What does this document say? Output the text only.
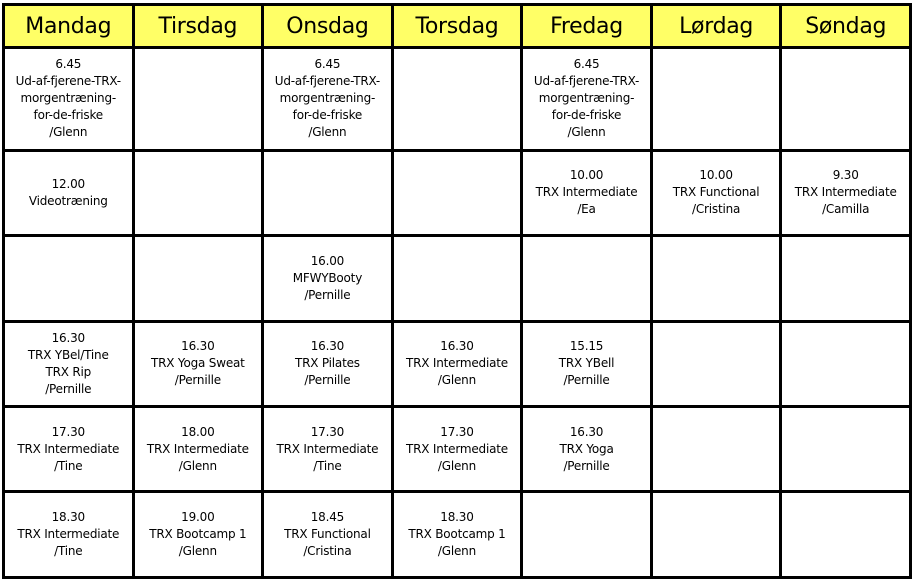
Mandag	Tirsdag	Onsdag	Torsdag	Fredag	Lørdag	Søndag

6.45
Ud-af-fjerene-TRX-
morgentræning-
for-de-friske
/Glenn		6.45
Ud-af-fjerene-TRX-
morgentræning-
for-de-friske
/Glenn		6.45
Ud-af-fjerene-TRX-
morgentræning-
for-de-friske
/Glenn		

12.00
Videotræning				10.00
TRX Intermediate
/Ea	10.00
TRX Functional
/Cristina	9.30
TRX Intermediate
/Camilla

		16.00
MFWYBooty
/Pernille				

16.30
TRX YBel/Tine
TRX Rip
/Pernille	16.30
TRX Yoga Sweat
/Pernille	16.30
TRX Pilates
/Pernille	16.30
TRX Intermediate
/Glenn	15.15
TRX YBell
/Pernille		

17.30
TRX Intermediate
/Tine	18.00
TRX Intermediate
/Glenn	17.30
TRX Intermediate
/Tine	17.30
TRX Intermediate
/Glenn	16.30
TRX Yoga
/Pernille		

18.30
TRX Intermediate
/Tine	19.00
TRX Bootcamp 1
/Glenn	18.45
TRX Functional
/Cristina	18.30
TRX Bootcamp 1
/Glenn			
